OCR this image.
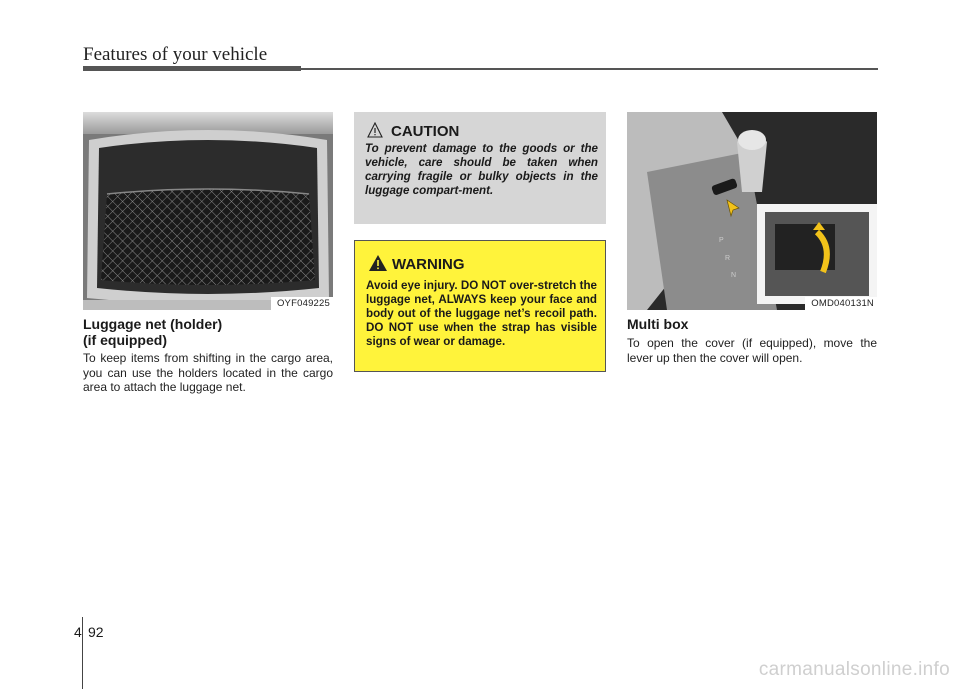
Features of your vehicle
OYF049225
Luggage net (holder)
(if equipped)
To keep items from shifting in the cargo area, you can use the holders located in the cargo area to attach the luggage net.
CAUTION
To prevent damage to the goods or the vehicle, care should be taken when carrying fragile or bulky objects in the luggage compart-ment.
WARNING
Avoid eye injury. DO NOT over-stretch the luggage net, ALWAYS keep your face and body out of the luggage net’s recoil path. DO NOT use when the strap has visible signs of wear or damage.
P
R
N
OMD040131N
Multi box
To open the cover (if equipped), move the lever up then the cover will open.
4 92
carmanualsonline.info
